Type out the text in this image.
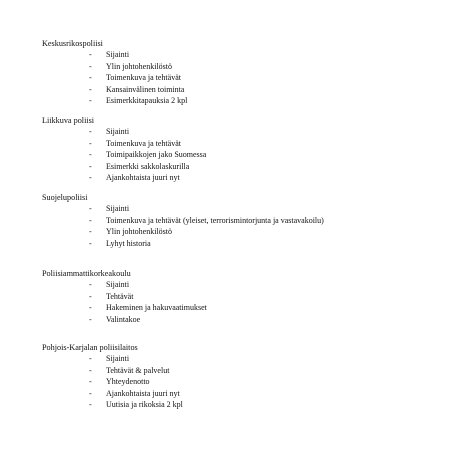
Keskusrikospoliisi

- Sijainti
- Ylin johtohenkilöstö
- Toimenkuva ja tehtävät
- Kansainvälinen toiminta
- Esimerkkitapauksia 2 kpl

Liikkuva poliisi

- Sijainti
- Toimenkuva ja tehtävät
- Toimipaikkojen jako Suomessa
- Esimerkki sakkolaskurilla
- Ajankohtaista juuri nyt

Suojelupoliisi

- Sijainti
- Toimenkuva ja tehtävät (yleiset, terrorismintorjunta ja vastavakoilu)
- Ylin johtohenkilöstö
- Lyhyt historia

Poliisiammattikorkeakoulu

- Sijainti
- Tehtävät
- Hakeminen ja hakuvaatimukset
- Valintakoe

Pohjois-Karjalan poliisilaitos

- Sijainti
- Tehtävät & palvelut
- Yhteydenotto
- Ajankohtaista juuri nyt
- Uutisia ja rikoksia 2 kpl
